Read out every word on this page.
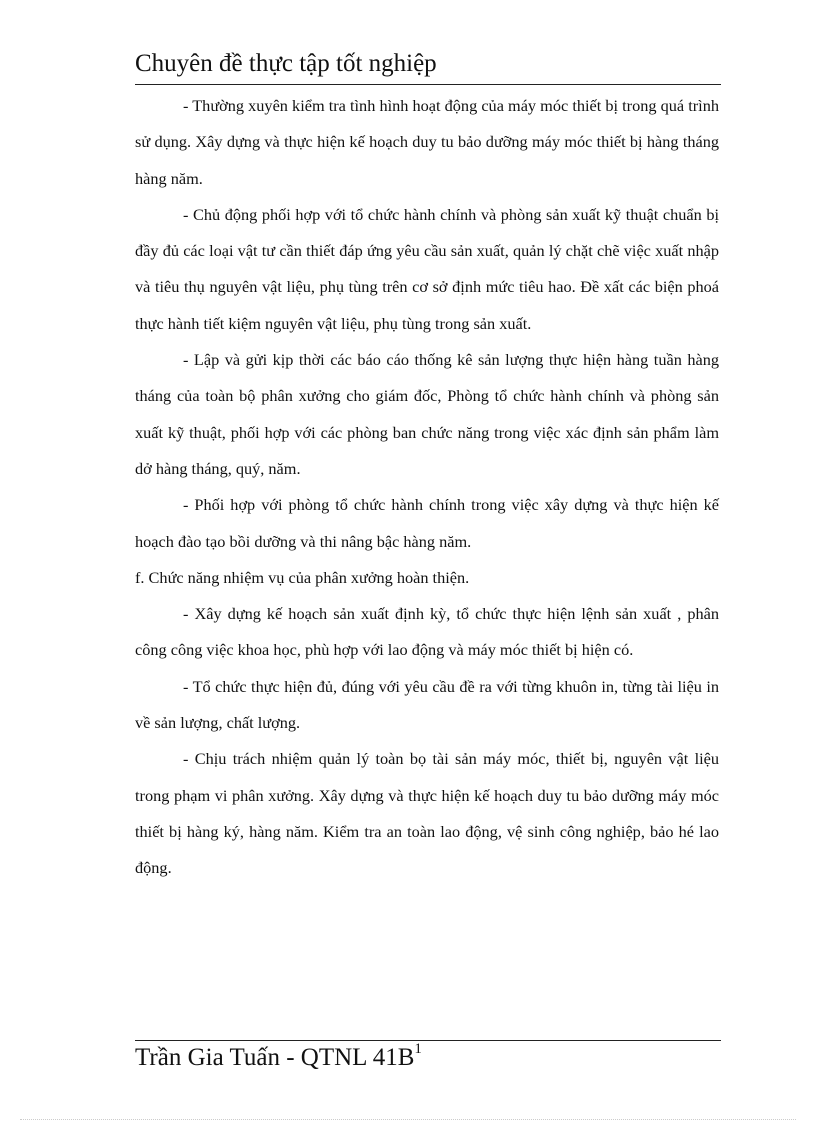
Chuyên đề thực tập tốt nghiệp

- Thường xuyên kiểm tra tình hình hoạt động của máy móc thiết bị trong quá trình sử dụng. Xây dựng và thực hiện kế hoạch duy tu bảo dưỡng máy móc thiết bị hàng tháng hàng năm.

- Chủ động phối hợp với tổ chức hành chính và phòng sản xuất kỹ thuật chuẩn bị đầy đủ các loại vật tư cần thiết đáp ứng yêu cầu sản xuất, quản lý chặt chẽ việc xuất nhập và tiêu thụ nguyên vật liệu, phụ tùng trên cơ sở định mức tiêu hao. Đề xất các biện phoá thực hành tiết kiệm nguyên vật liệu, phụ tùng trong sản xuất.

- Lập và gửi kịp thời các báo cáo thống kê sản lượng thực hiện hàng tuần hàng tháng của toàn bộ phân xưởng cho giám đốc, Phòng tổ chức hành chính và phòng sản xuất kỹ thuật, phối hợp với các phòng ban chức năng trong việc xác định sản phẩm làm dở hàng tháng, quý, năm.

- Phối hợp với phòng tổ chức hành chính trong việc xây dựng và thực hiện kế hoạch đào tạo bồi dưỡng và thi nâng bậc hàng năm.

f. Chức năng nhiệm vụ của phân xưởng hoàn thiện.

- Xây dựng kế hoạch sản xuất định kỳ, tổ chức thực hiện lệnh sản xuất , phân công công việc khoa học, phù hợp với lao động và máy móc thiết bị hiện có.

- Tổ chức thực hiện đủ, đúng với yêu cầu đề ra với từng khuôn in, từng tài liệu in về sản lượng, chất lượng.

- Chịu trách nhiệm quản lý toàn bọ tài sản máy móc, thiết bị, nguyên vật liệu trong phạm vi phân xưởng. Xây dựng và thực hiện kế hoạch duy tu bảo dưỡng máy móc thiết bị hàng ký, hàng năm. Kiểm tra an toàn lao động, vệ sinh công nghiệp, bảo hé lao động.

Trần Gia Tuấn - QTNL $41B^1$
